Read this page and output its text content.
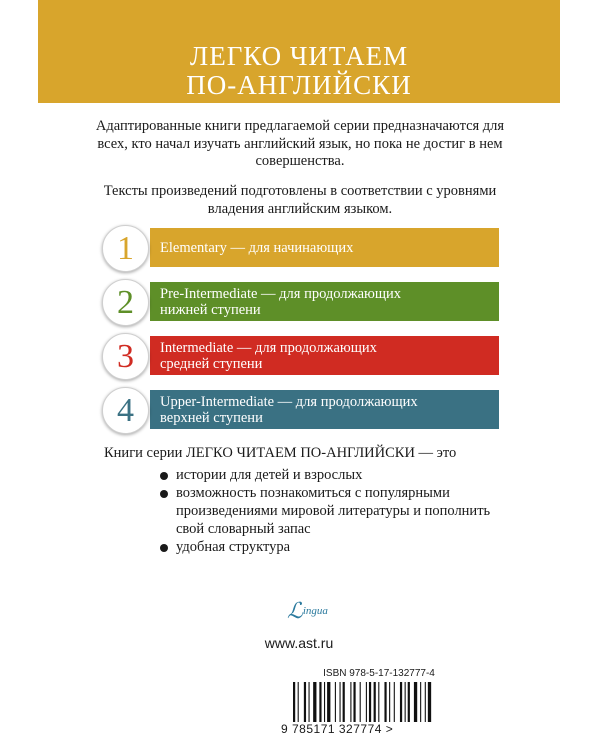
ЛЕГКО ЧИТАЕМ
ПО-АНГЛИЙСКИ

Адаптированные книги предлагаемой серии предназначаются для всех, кто начал изучать английский язык, но пока не достиг в нем совершенства.

Тексты произведений подготовлены в соответствии с уровнями владения английским языком.

1	Elementary — для начинающих
2	Pre-Intermediate — для продолжающих
нижней ступени
3	Intermediate — для продолжающих
средней ступени
4	Upper-Intermediate — для продолжающих
верхней ступени
Книги серии ЛЕГКО ЧИТАЕМ ПО-АНГЛИЙСКИ — это
истории для детей и взрослых
возможность познакомиться с популярными произведениями мировой литературы и пополнить свой словарный запас
удобная структура
ℒingua
www.ast.ru
ISBN 978-5-17-132777-4
9 785171 327774 >
